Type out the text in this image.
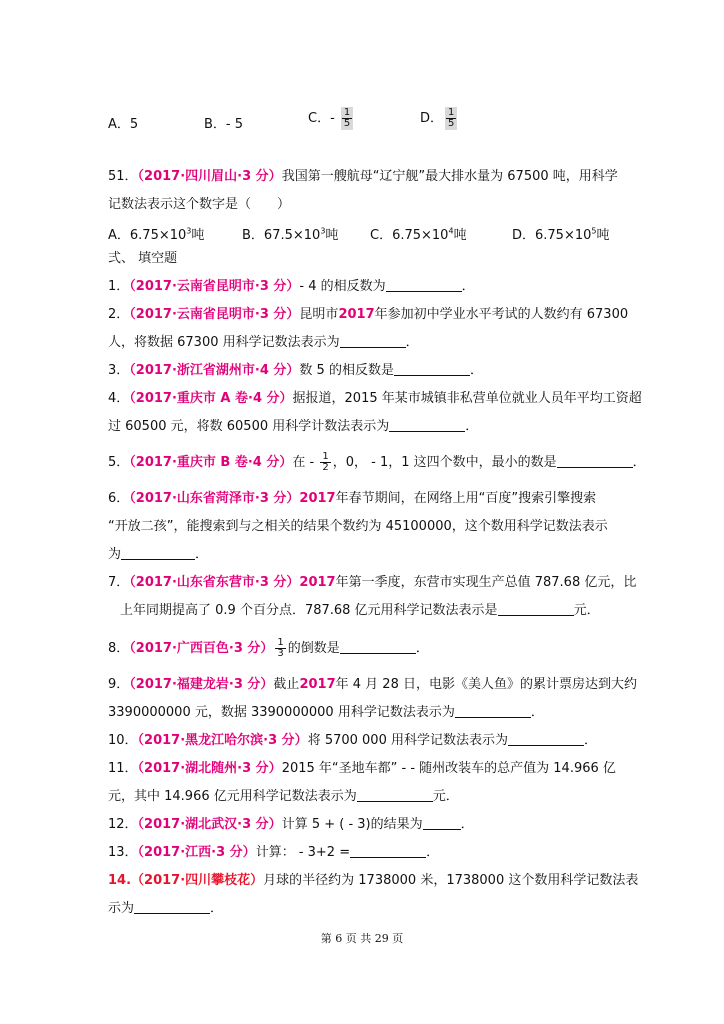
A．5	B．- 5	C．- $\frac{1}{5}$	D． $\frac{1}{5}$
51．（2017·四川眉山·3 分）我国第一艘航母“辽宁舰”最大排水量为 67500 吨，用科学
记数法表示这个数字是（　　）
A．$6.75\times 10^3$吨	B．$67.5\times 10^3$吨 C．$6.75\times 10^4$吨	D．$6.75\times 10^5$吨
弍、 填空题
1．（2017·云南省昆明市·3 分）- 4 的相反数为	．
2．（2017·云南省昆明市·3 分）昆明市2017年参加初中学业水平考试的人数约有 67300
人，将数据 67300 用科学记数法表示为	．
3．（2017·浙江省湖州市·4 分）数 5 的相反数是	．
4．（2017·重庆市 A 卷·4 分）据报道，2015 年某市城镇非私营单位就业人员年平均工资超
过 60500 元，将数 60500 用科学计数法表示为	．
5．（2017·重庆市 B 卷·4 分）在 - $\frac{1}{2}$ ，0， - 1，1 这四个数中，最小的数是	．
6．（2017·山东省菏泽市·3 分）2017年春节期间，在网络上用“百度”搜索引擎搜索
“开放二孩”，能搜索到与之相关的结果个数约为 45100000，这个数用科学记数法表示
为	．
7．（2017·山东省东营市·3 分）2017年第一季度，东营市实现生产总值 787.68 亿元，比
上年同期提高了 0.9 个百分点．787.68 亿元用科学记数法表示是	元．
8．（2017·广西百色·3 分） $\frac{1}{3}$ 的倒数是	．
9．（2017·福建龙岩·3 分）截止2017年 4 月 28 日，电影《美人鱼》的累计票房达到大约
3390000000 元，数据 3390000000 用科学记数法表示为	．
10．（2017·黑龙江哈尔滨·3 分）将 5700 000 用科学记数法表示为	．
11．（2017·湖北随州·3 分）2015 年“圣地车都” - - 随州改装车的总产值为 14.966 亿
元，其中 14.966 亿元用科学记数法表示为	元．
12．（2017·湖北武汉·3 分）计算 5 + ( - 3)的结果为	．
13．（2017·江西·3 分）计算： - 3+2 =	．
14.（2017·四川攀枝花）月球的半径约为 1738000 米，1738000 这个数用科学记数法表
示为	．
第 6 页 共 29 页
